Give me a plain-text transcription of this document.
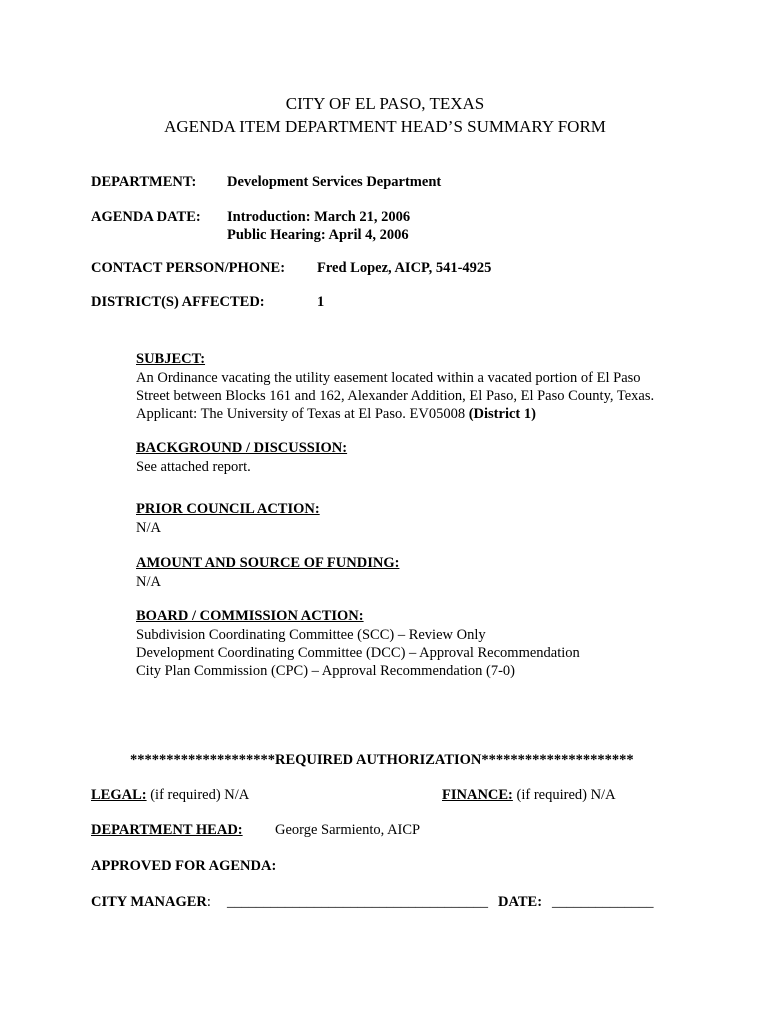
CITY OF EL PASO, TEXAS
AGENDA ITEM DEPARTMENT HEAD’S SUMMARY FORM
DEPARTMENT: Development Services Department
AGENDA DATE: Introduction: March 21, 2006
Public Hearing: April 4, 2006
CONTACT PERSON/PHONE: Fred Lopez, AICP, 541-4925
DISTRICT(S) AFFECTED:	1
SUBJECT:
An Ordinance vacating the utility easement located within a vacated portion of El Paso
Street between Blocks 161 and 162, Alexander Addition, El Paso, El Paso County, Texas.
Applicant: The University of Texas at El Paso. EV05008 (District 1)
BACKGROUND / DISCUSSION:
See attached report.
PRIOR COUNCIL ACTION:
N/A
AMOUNT AND SOURCE OF FUNDING:
N/A
BOARD / COMMISSION ACTION:
Subdivision Coordinating Committee (SCC) – Review Only
Development Coordinating Committee (DCC) – Approval Recommendation
City Plan Commission (CPC) – Approval Recommendation (7-0)
********************REQUIRED AUTHORIZATION*********************
LEGAL: (if required) N/A	FINANCE: (if required) N/A
DEPARTMENT HEAD: George Sarmiento, AICP
APPROVED FOR AGENDA:
CITY MANAGER: ____________________________________ DATE: ______________
